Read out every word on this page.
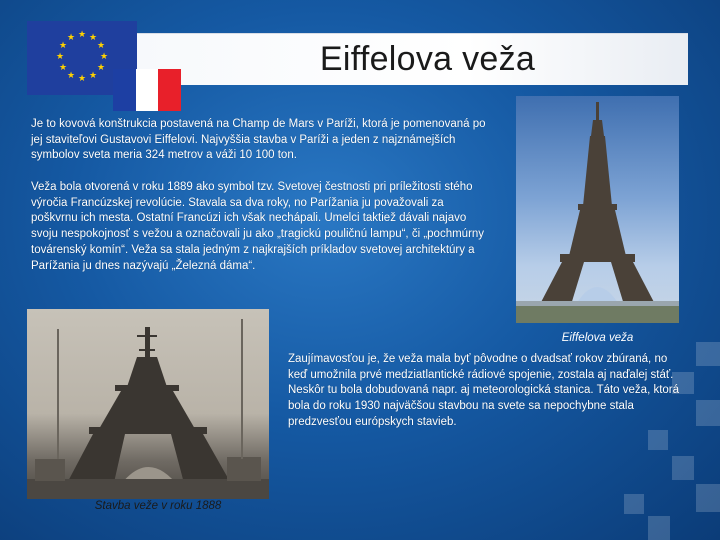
★ ★
★
★
★
★
★
★
★
★
★
★
Eiffelova veža
Je to kovová konštrukcia postavená na Champ de Mars v Paríži, ktorá je pomenovaná po jej staviteľovi Gustavovi Eiffelovi. Najvyššia stavba v Paríži a jeden z najznámejších symbolov sveta meria 324 metrov a váži 10 100 ton.
Veža bola otvorená v roku 1889 ako symbol tzv. Svetovej čestnosti pri príležitosti stého výročia Francúzskej revolúcie. Stavala sa dva roky, no Parížania ju považovali za poškvrnu ich mesta. Ostatní Francúzi ich však nechápali. Umelci taktiež dávali najavo svoju nespokojnosť s vežou a označovali ju ako „tragickú pouličnú lampu“, či „pochmúrny továrenský komín“. Veža sa stala jedným z najkrajších príkladov svetovej architektúry a Parížania ju dnes nazývajú „Železná dáma“.
Zaujímavosťou je, že veža mala byť pôvodne o dvadsať rokov zbúraná, no keď umožnila prvé medziatlantické rádiové spojenie, zostala aj naďalej stáť. Neskôr tu bola dobudovaná napr. aj meteorologická stanica. Táto veža, ktorá bola do roku 1930 najväčšou stavbou na svete sa nepochybne stala predzvesťou európskych stavieb.
Eiffelova veža
Stavba veže v roku 1888
